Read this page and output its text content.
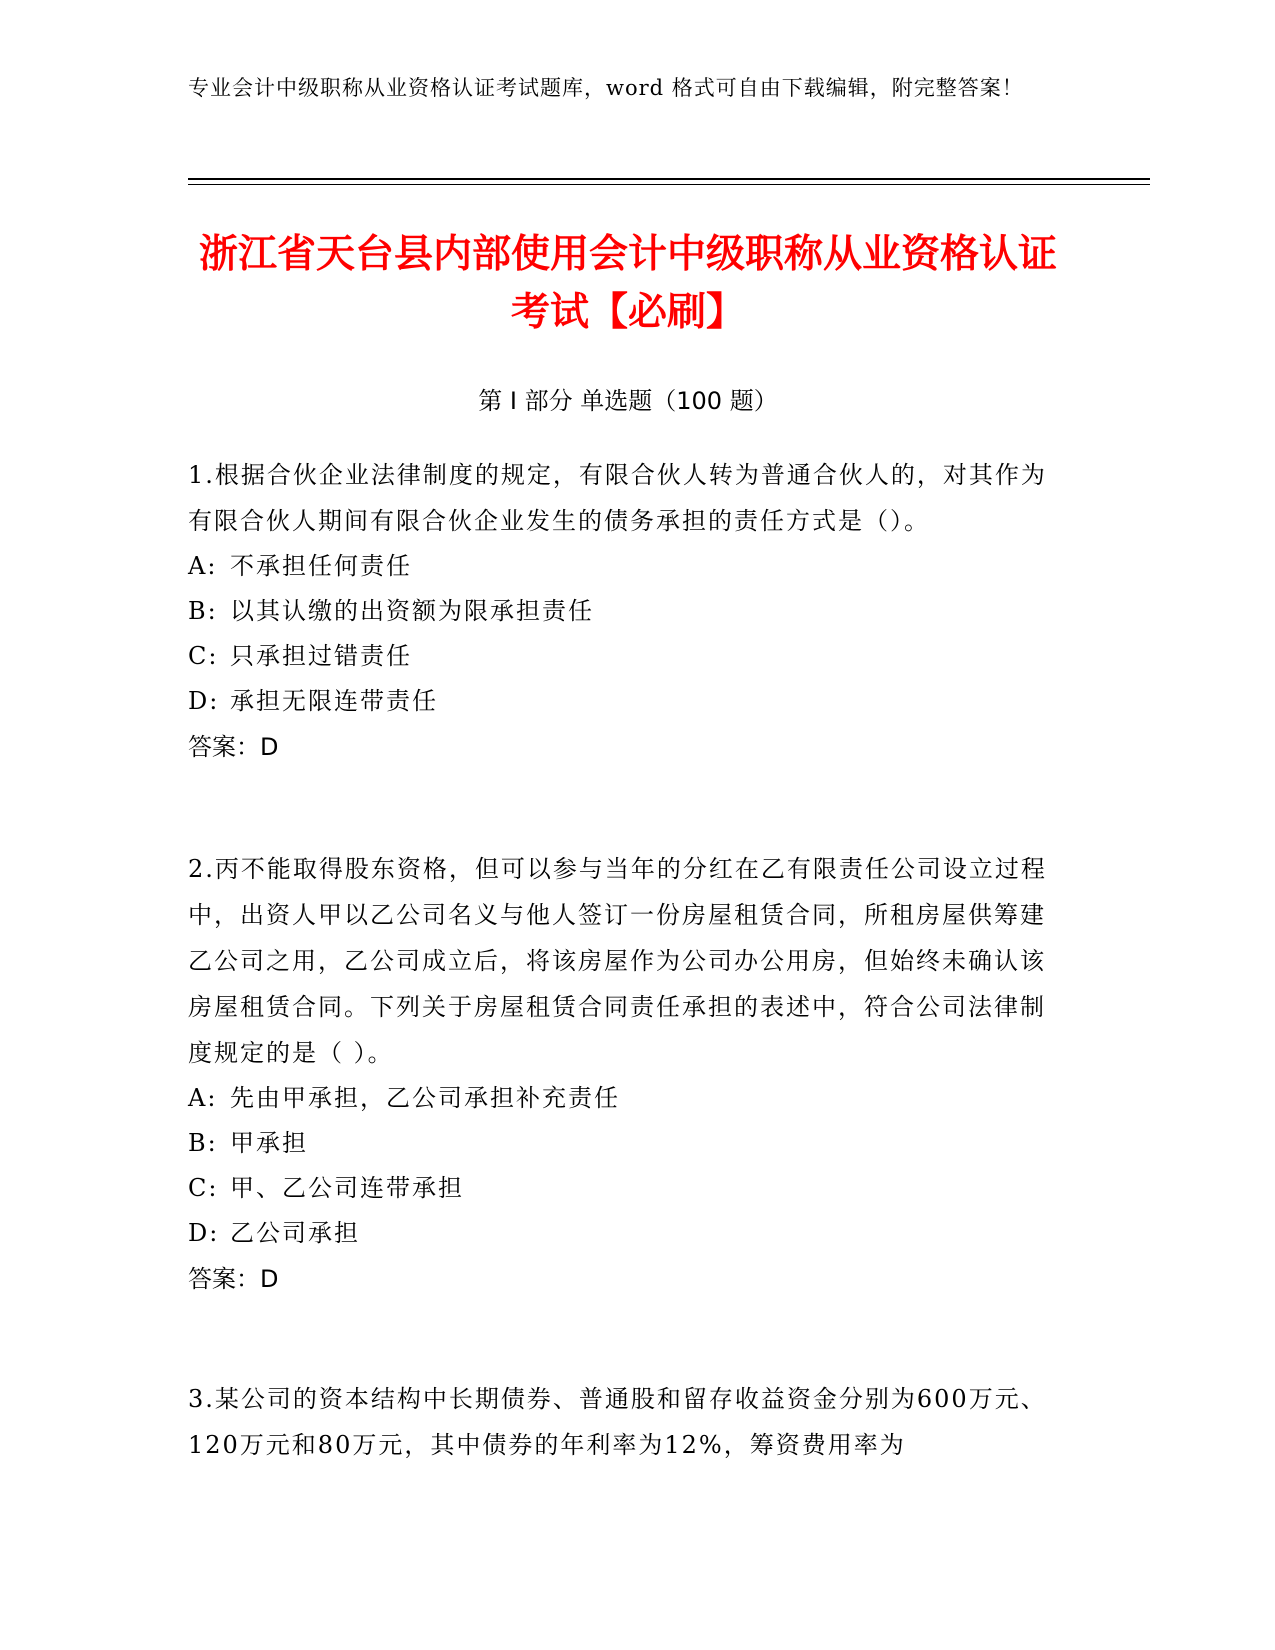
专业会计中级职称从业资格认证考试题库，word 格式可自由下载编辑，附完整答案！
浙江省天台县内部使用会计中级职称从业资格认证考试【必刷】
第 I 部分 单选题（100 题）
1.根据合伙企业法律制度的规定，有限合伙人转为普通合伙人的，对其作为有限合伙人期间有限合伙企业发生的债务承担的责任方式是（）。
A: 不承担任何责任
B: 以其认缴的出资额为限承担责任
C: 只承担过错责任
D: 承担无限连带责任
答案：D
2.丙不能取得股东资格，但可以参与当年的分红在乙有限责任公司设立过程中，出资人甲以乙公司名义与他人签订一份房屋租赁合同，所租房屋供筹建乙公司之用，乙公司成立后，将该房屋作为公司办公用房，但始终未确认该房屋租赁合同。下列关于房屋租赁合同责任承担的表述中，符合公司法律制度规定的是（ ）。
A: 先由甲承担，乙公司承担补充责任
B: 甲承担
C: 甲、乙公司连带承担
D: 乙公司承担
答案：D
3.某公司的资本结构中长期债券、普通股和留存收益资金分别为600万元、120万元和80万元，其中债券的年利率为12%，筹资费用率为
